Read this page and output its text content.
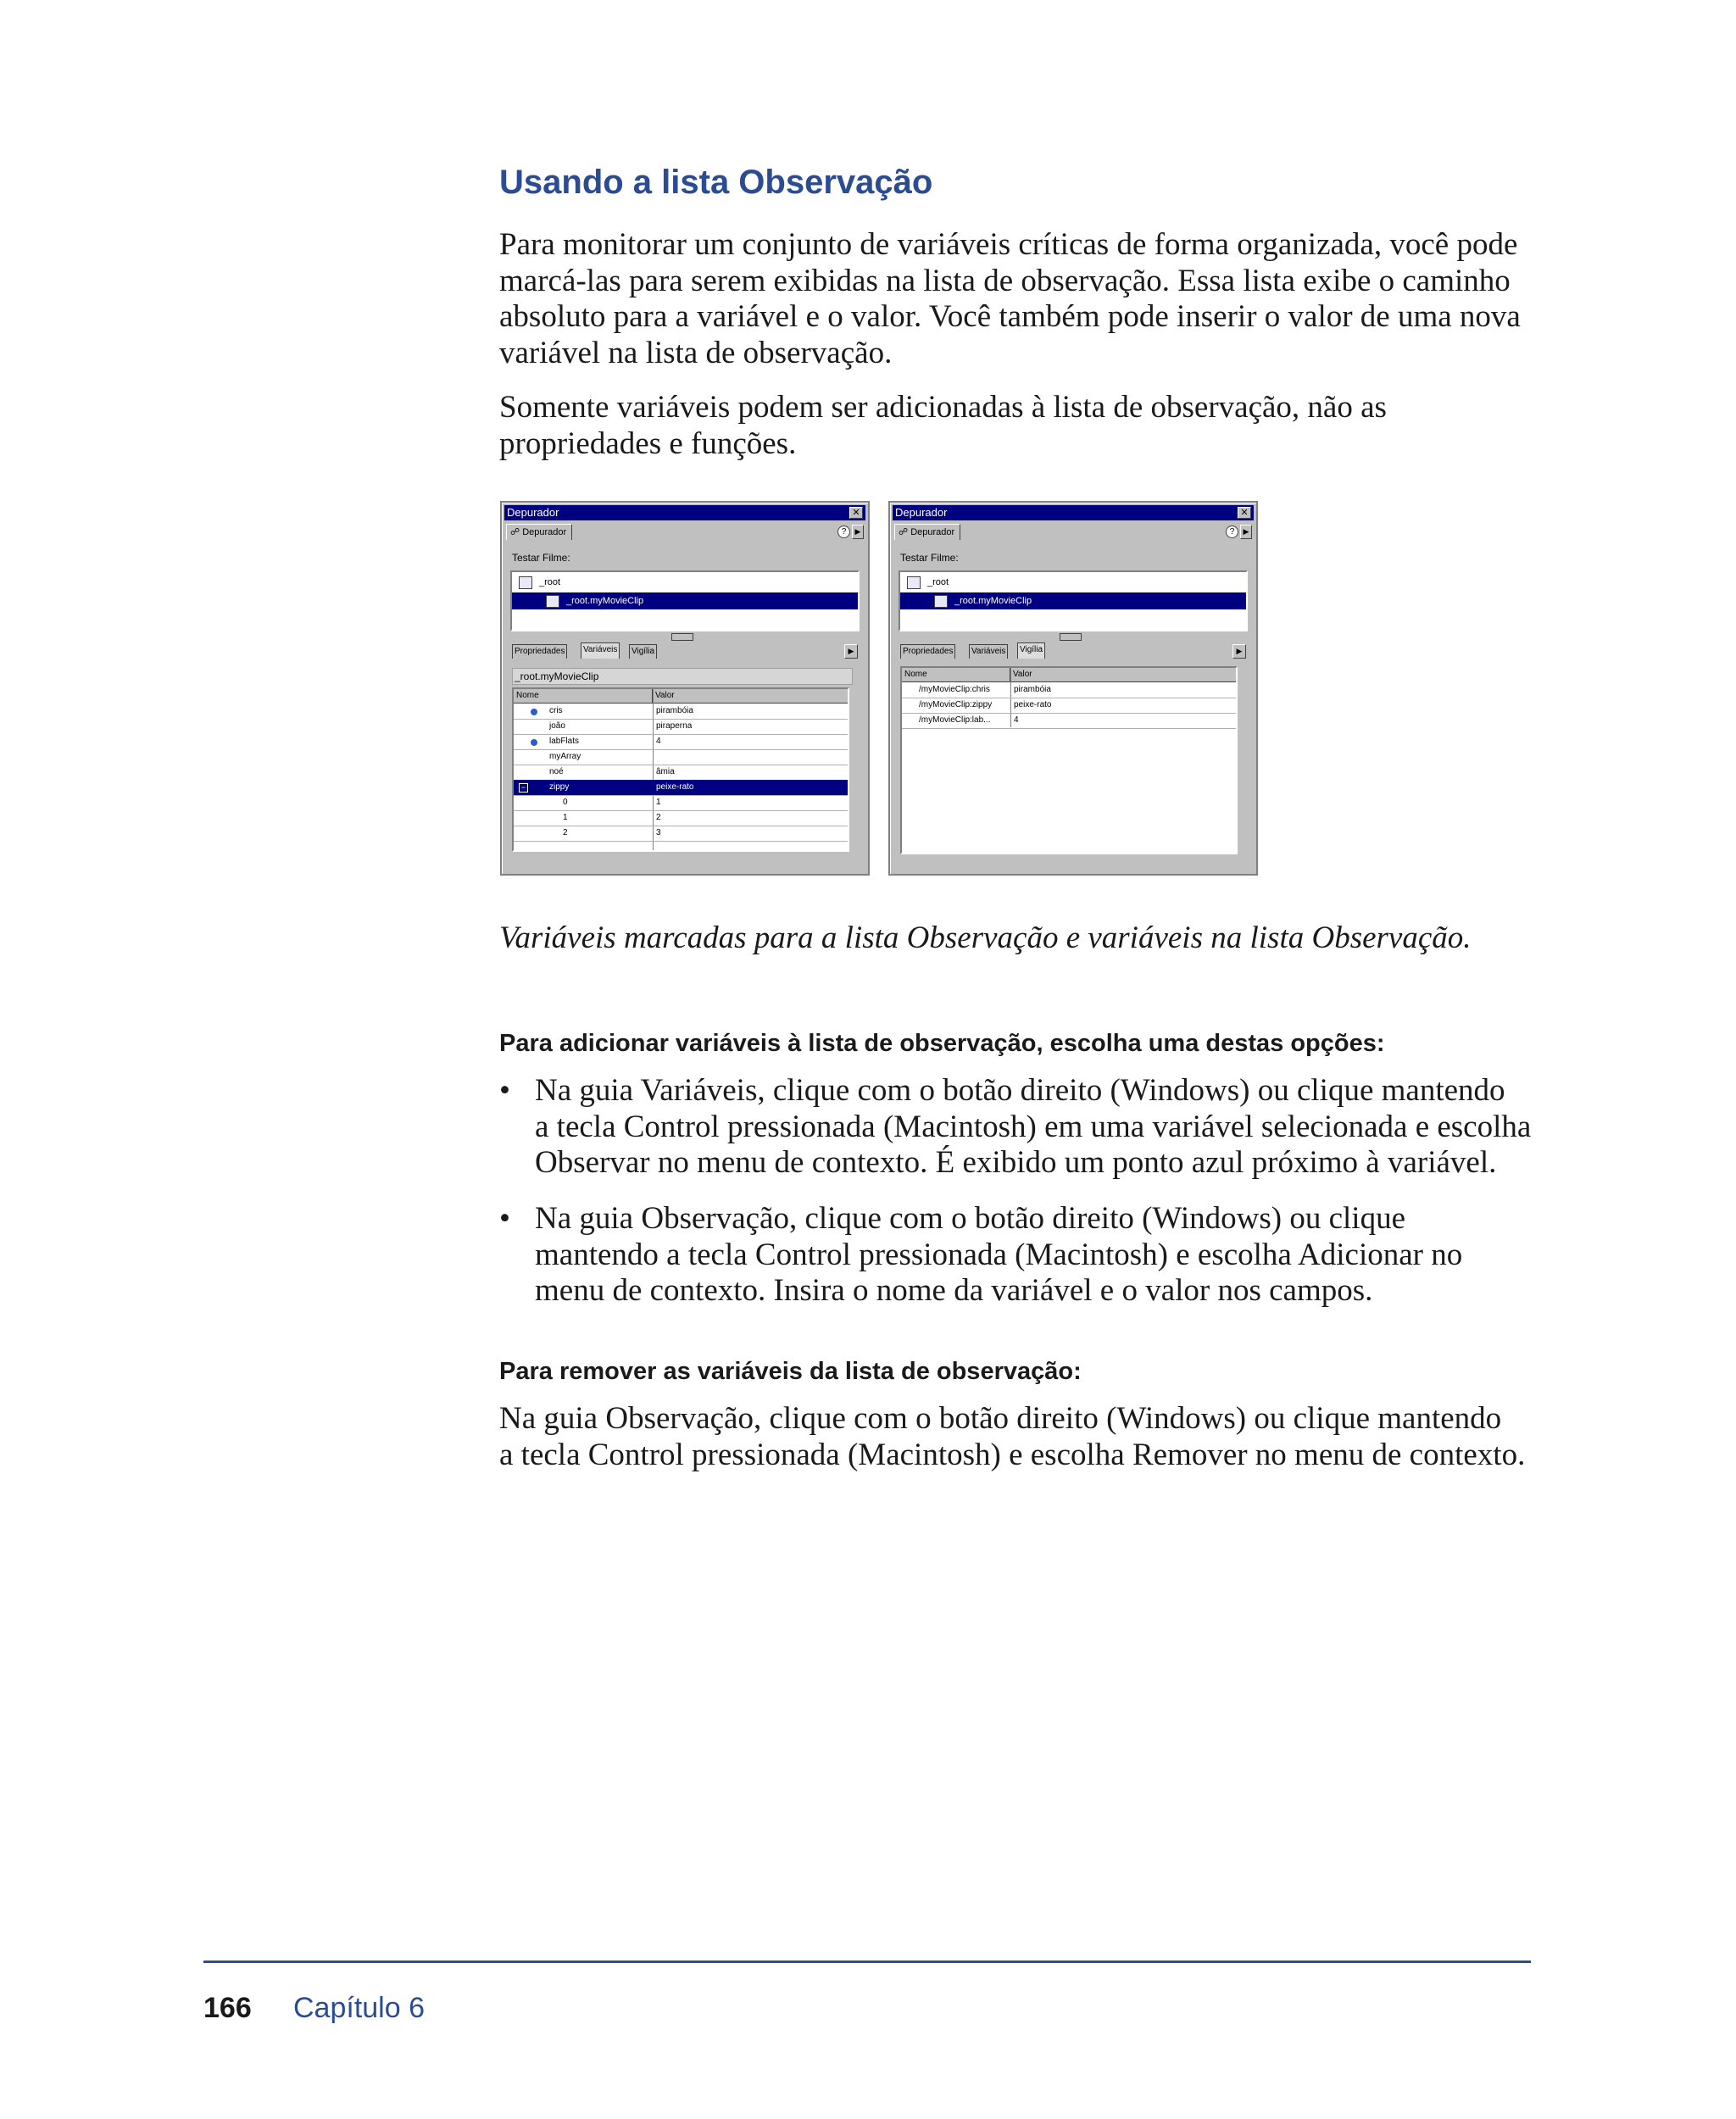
Usando a lista Observação

Para monitorar um conjunto de variáveis críticas de forma organizada, você pode
marcá-las para serem exibidas na lista de observação. Essa lista exibe o caminho
absoluto para a variável e o valor. Você também pode inserir o valor de uma nova
variável na lista de observação.

Somente variáveis podem ser adicionadas à lista de observação, não as
propriedades e funções.

Depurador	✕
☍ Depurador	?	▶
Testar Filme:
_root
_root.myMovieClip
Propriedades	Variáveis	Vigília	▶
_root.myMovieClip
Nome	Valor
cris	pirambóia
joão	piraperna
labFlats	4
myArray
noé	âmia
−	zippy	peixe-rato
0	1
1	2
2	3
Depurador	✕
☍ Depurador	?	▶
Testar Filme:
_root
_root.myMovieClip
Propriedades	Variáveis	Vigília	▶
Nome	Valor
/myMovieClip:chris	pirambóia
/myMovieClip:zippy	peixe-rato
/myMovieClip:lab...	4

Variáveis marcadas para a lista Observação e variáveis na lista Observação.

Para adicionar variáveis à lista de observação, escolha uma destas opções:

• Na guia Variáveis, clique com o botão direito (Windows) ou clique mantendo
a tecla Control pressionada (Macintosh) em uma variável selecionada e escolha
Observar no menu de contexto. É exibido um ponto azul próximo à variável.
• Na guia Observação, clique com o botão direito (Windows) ou clique
mantendo a tecla Control pressionada (Macintosh) e escolha Adicionar no
menu de contexto. Insira o nome da variável e o valor nos campos.

Para remover as variáveis da lista de observação:

Na guia Observação, clique com o botão direito (Windows) ou clique mantendo
a tecla Control pressionada (Macintosh) e escolha Remover no menu de contexto.

166 Capítulo 6
